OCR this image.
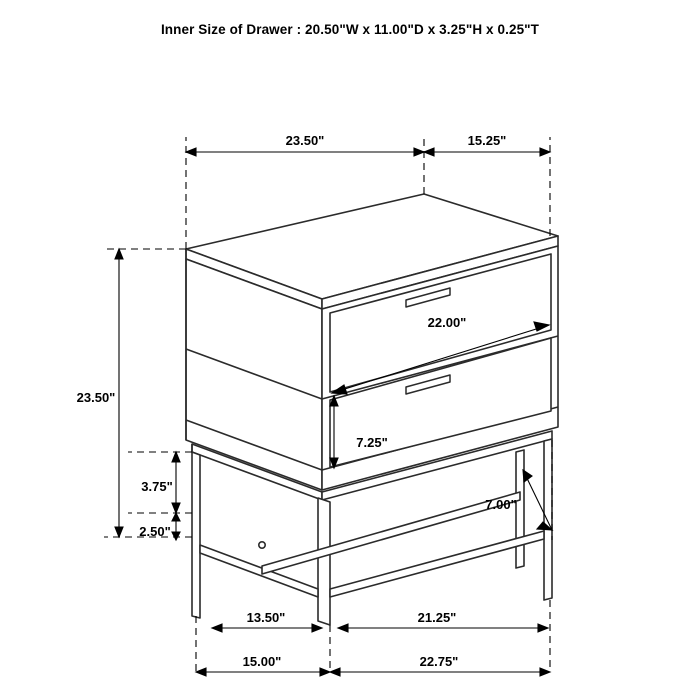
Inner Size of Drawer : 20.50"W x 11.00"D x 3.25"H x 0.25"T
23.50"	15.25"
23.50"
3.75"
2.50"
22.00"
7.25"
7.00"
13.50"	21.25"
15.00"	22.75"
